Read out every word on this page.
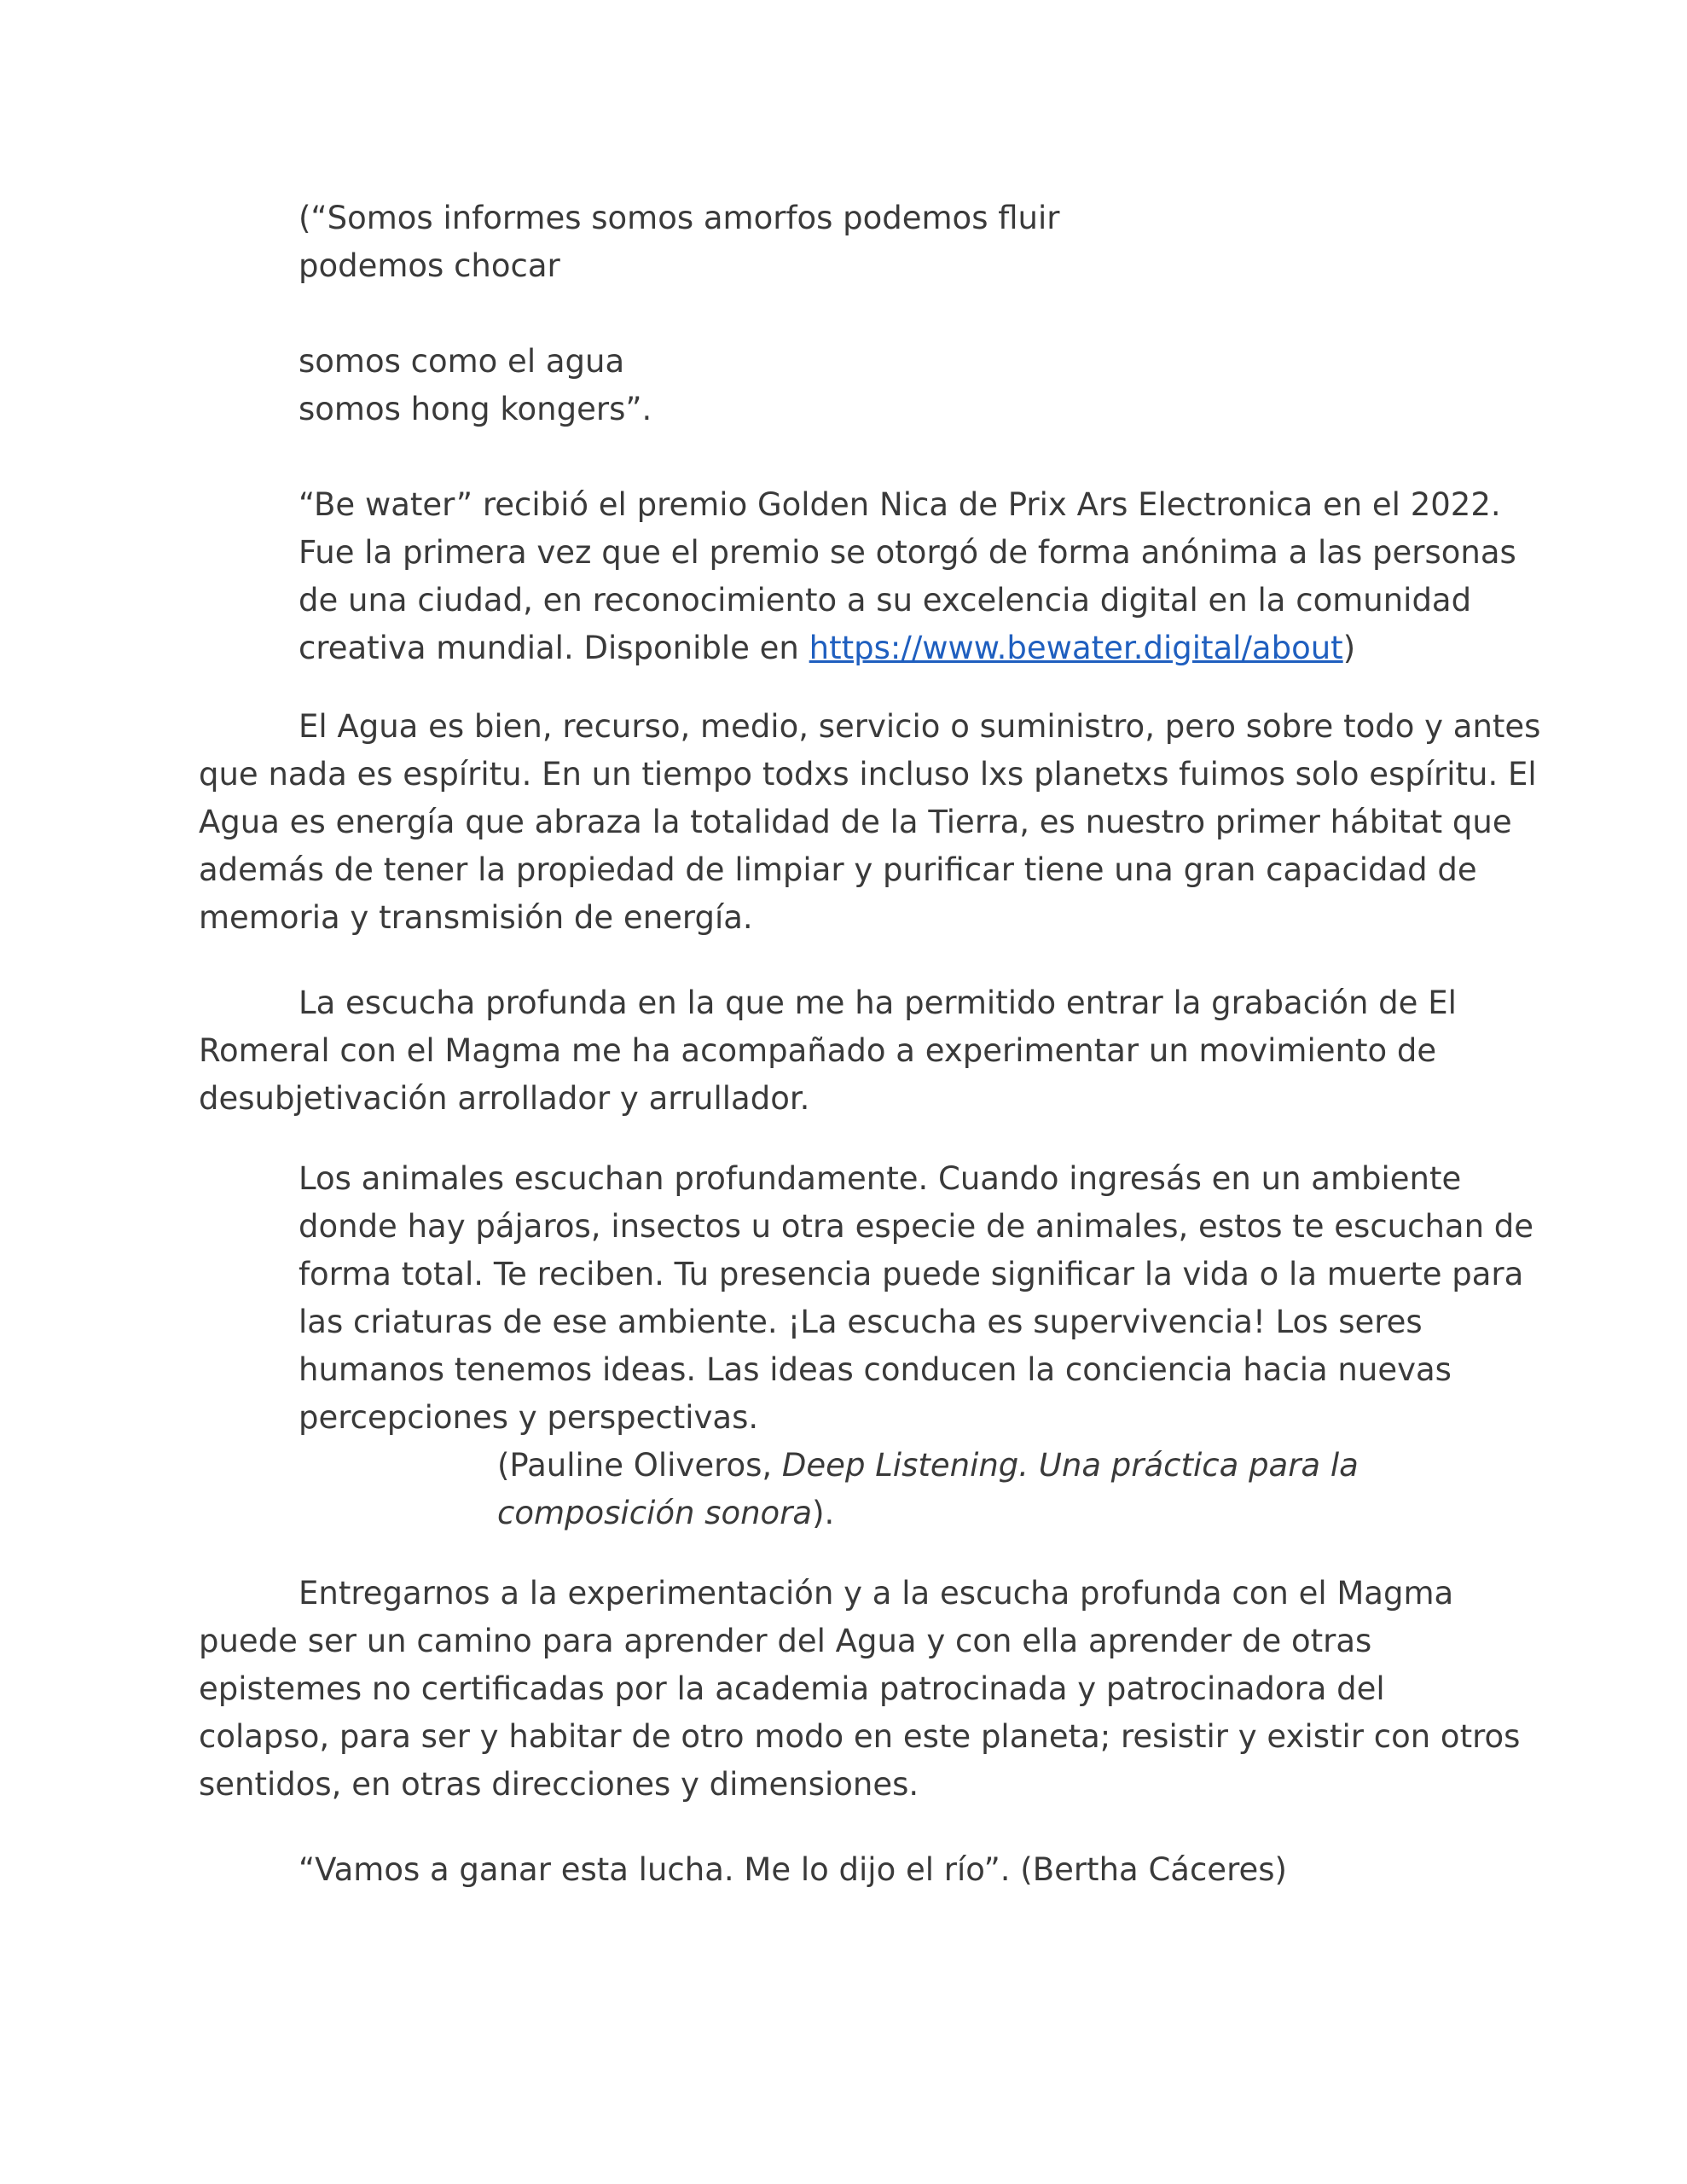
(“Somos informes somos amorfos podemos fluir
podemos chocar
somos como el agua
somos hong kongers”.
“Be water” recibió el premio Golden Nica de Prix Ars Electronica en el 2022.
Fue la primera vez que el premio se otorgó de forma anónima a las personas
de una ciudad, en reconocimiento a su excelencia digital en la comunidad
creativa mundial. Disponible en https://www.bewater.digital/about)
El Agua es bien, recurso, medio, servicio o suministro, pero sobre todo y antes
que nada es espíritu. En un tiempo todxs incluso lxs planetxs fuimos solo espíritu. El
Agua es energía que abraza la totalidad de la Tierra, es nuestro primer hábitat que
además de tener la propiedad de limpiar y purificar tiene una gran capacidad de
memoria y transmisión de energía.
La escucha profunda en la que me ha permitido entrar la grabación de El
Romeral con el Magma me ha acompañado a experimentar un movimiento de
desubjetivación arrollador y arrullador.
Los animales escuchan profundamente. Cuando ingresás en un ambiente
donde hay pájaros, insectos u otra especie de animales, estos te escuchan de
forma total. Te reciben. Tu presencia puede significar la vida o la muerte para
las criaturas de ese ambiente. ¡La escucha es supervivencia! Los seres
humanos tenemos ideas. Las ideas conducen la conciencia hacia nuevas
percepciones y perspectivas.
(Pauline Oliveros, Deep Listening. Una práctica para la
composición sonora).
Entregarnos a la experimentación y a la escucha profunda con el Magma
puede ser un camino para aprender del Agua y con ella aprender de otras
epistemes no certificadas por la academia patrocinada y patrocinadora del
colapso, para ser y habitar de otro modo en este planeta; resistir y existir con otros
sentidos, en otras direcciones y dimensiones.
“Vamos a ganar esta lucha. Me lo dijo el río”. (Bertha Cáceres)
